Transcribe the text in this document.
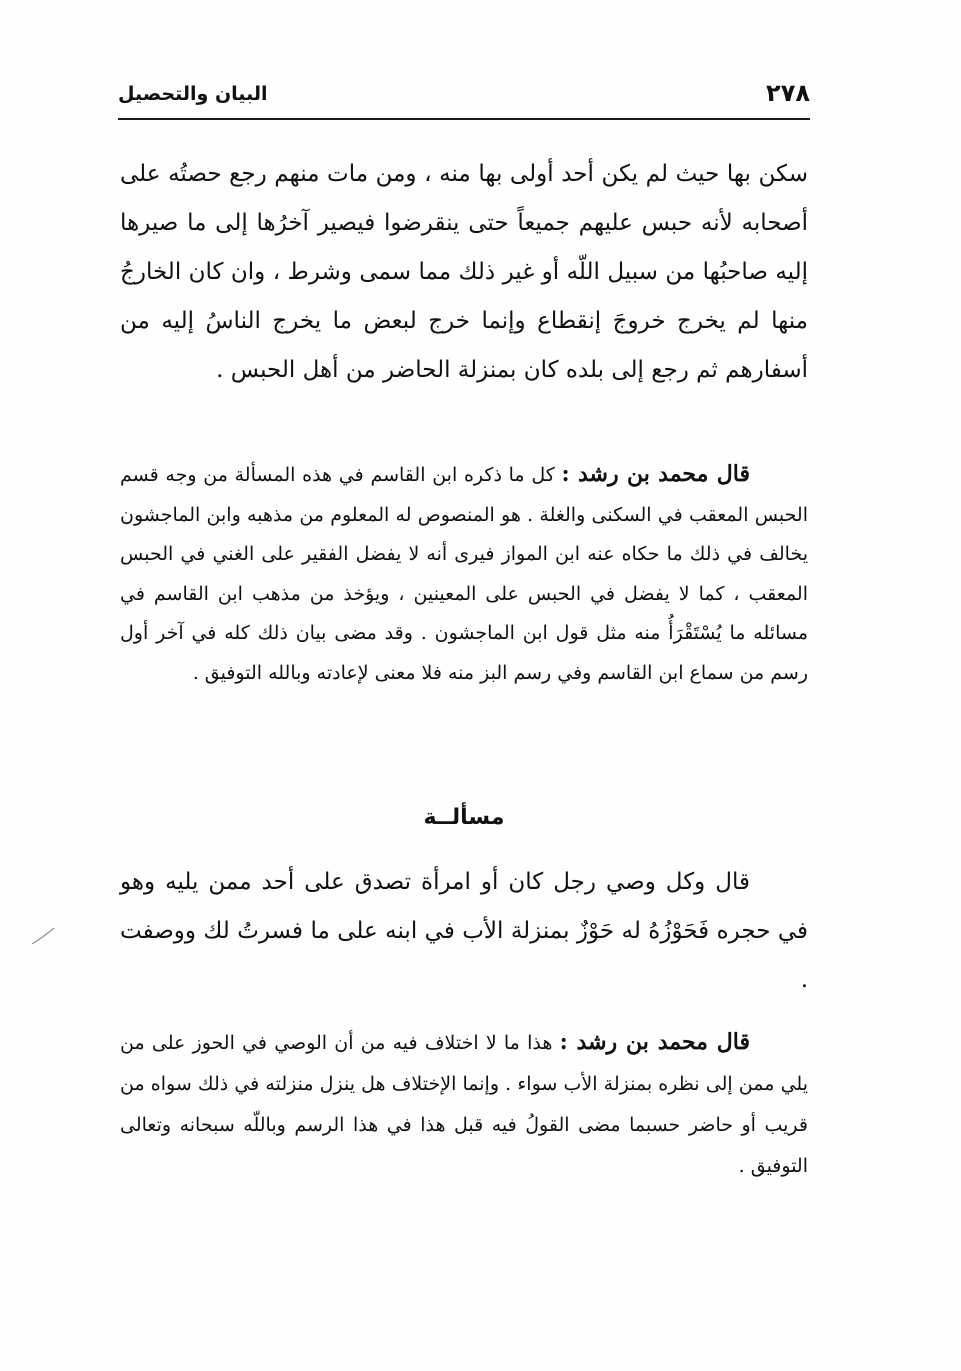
٢٧٨
البيان والتحصيل

سكن بها حيث لم يكن أحد أولى بها منه ، ومن مات منهم رجع حصتُه على أصحابه لأنه حبس عليهم جميعاً حتى ينقرضوا فيصير آخرُها إلى ما صيرها إليه صاحبُها من سبيل اللّه أو غير ذلك مما سمى وشرط ، وان كان الخارجُ منها لم يخرج خروجَ إنقطاع وإنما خرج لبعض ما يخرج الناسُ إليه من أسفارهم ثم رجع إلى بلده كان بمنزلة الحاضر من أهل الحبس .

قال محمد بن رشد : كل ما ذكره ابن القاسم في هذه المسألة من وجه قسم الحبس المعقب في السكنى والغلة . هو المنصوص له المعلوم من مذهبه وابن الماجشون يخالف في ذلك ما حكاه عنه ابن المواز فيرى أنه لا يفضل الفقير على الغني في الحبس المعقب ، كما لا يفضل في الحبس على المعينين ، ويؤخذ من مذهب ابن القاسم في مسائله ما يُسْتَقْرَأُ منه مثل قول ابن الماجشون . وقد مضى بيان ذلك كله في آخر أول رسم من سماع ابن القاسم وفي رسم البز منه فلا معنى لإعادته وبالله التوفيق .

مسألــة

قال وكل وصي رجل كان أو امرأة تصدق على أحد ممن يليه وهو في حجره فَحَوْزُهُ له حَوْزٌ بمنزلة الأب في ابنه على ما فسرتُ لك ووصفت .

قال محمد بن رشد : هذا ما لا اختلاف فيه من أن الوصي في الحوز على من يلي ممن إلى نظره بمنزلة الأب سواء . وإنما الإختلاف هل ينزل منزلته في ذلك سواه من قريب أو حاضر حسبما مضى القولُ فيه قبل هذا في هذا الرسم وباللّه سبحانه وتعالى التوفيق .
